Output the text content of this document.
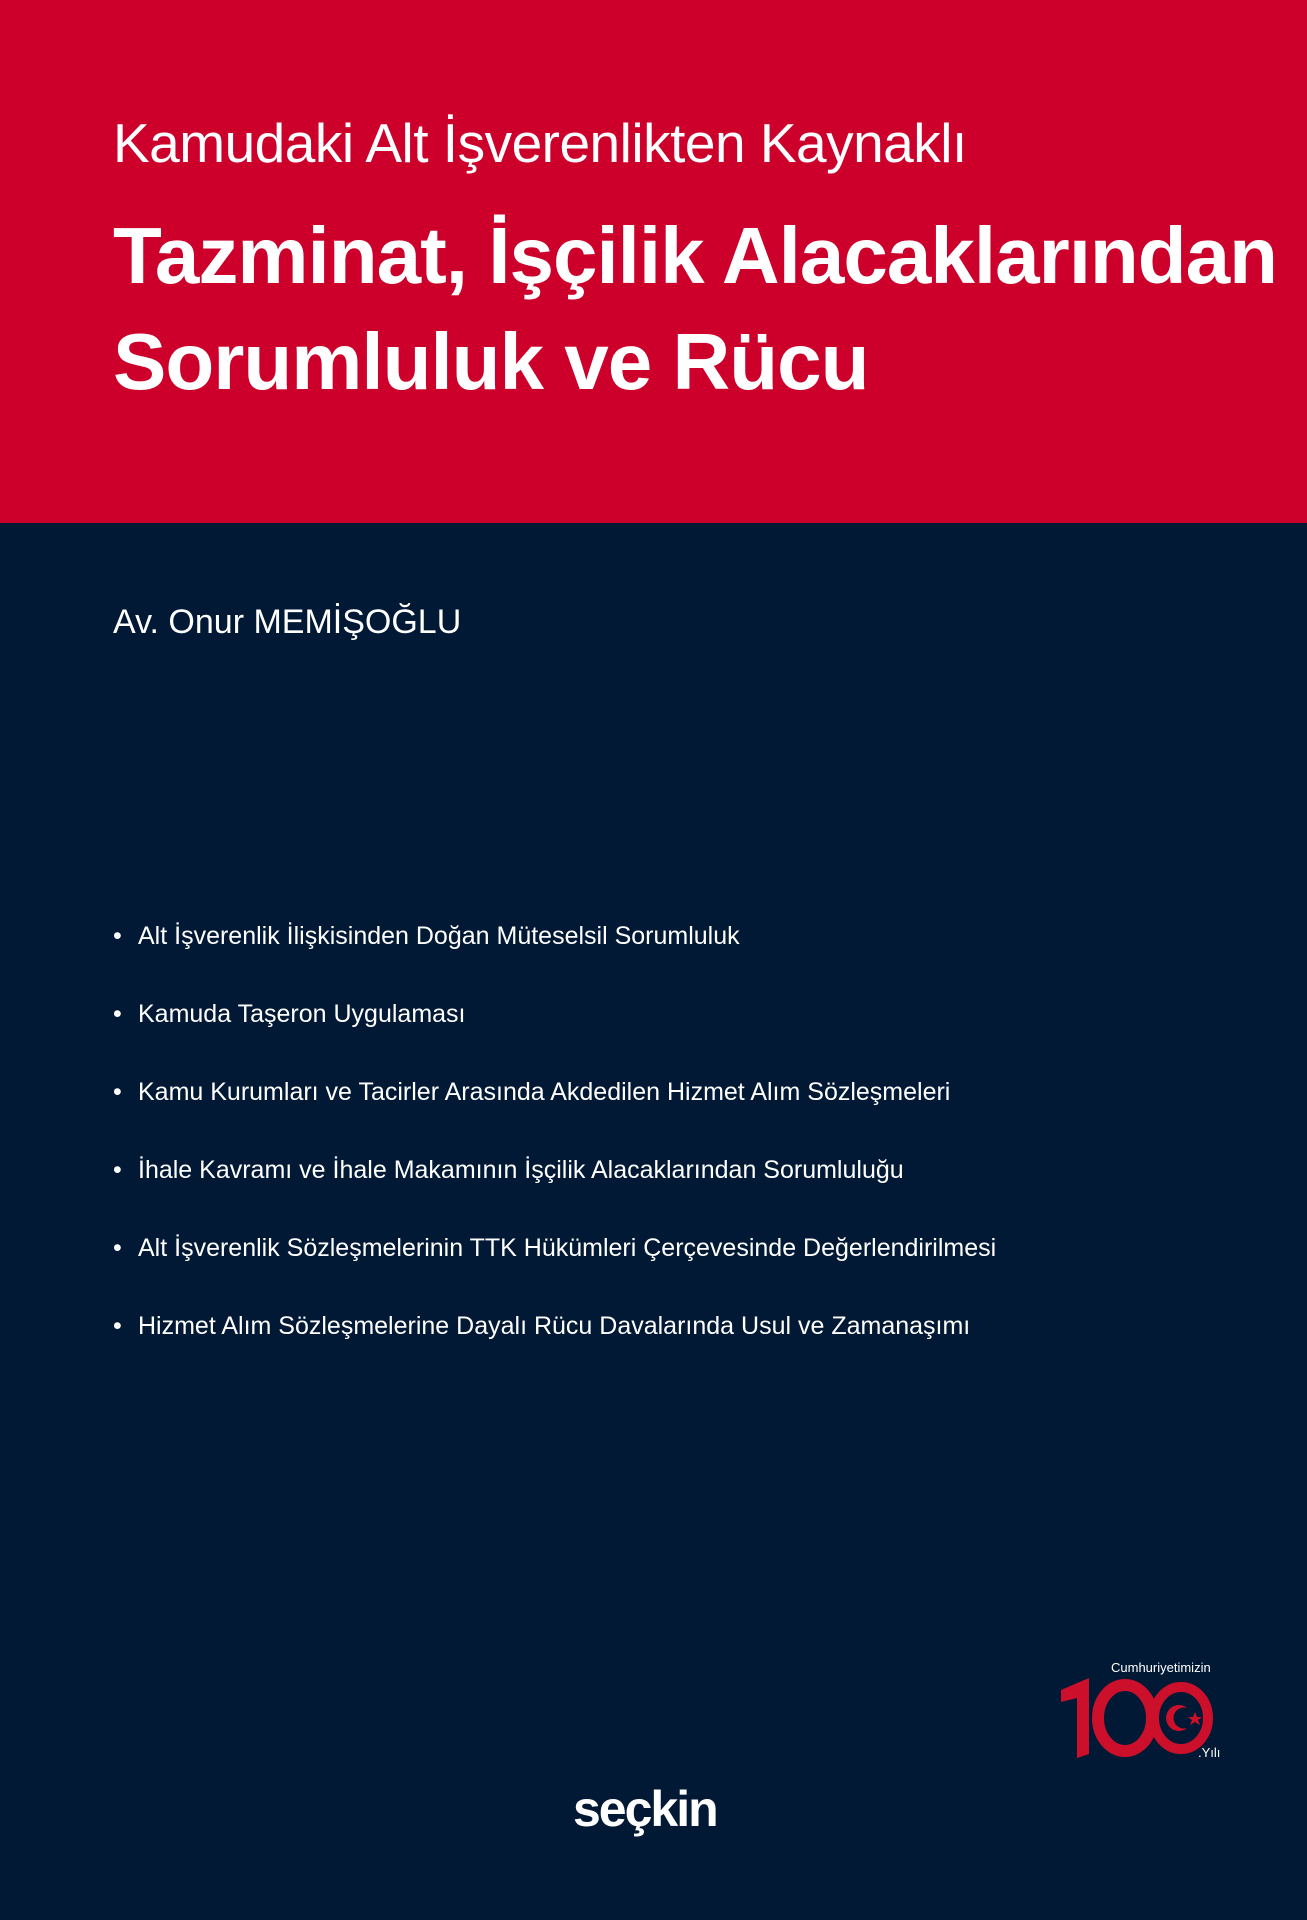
Kamudaki Alt İşverenlikten Kaynaklı
Tazminat, İşçilik Alacaklarından
Sorumluluk ve Rücu
Av. Onur MEMİŞOĞLU
• Alt İşverenlik İlişkisinden Doğan Müteselsil Sorumluluk
• Kamuda Taşeron Uygulaması
• Kamu Kurumları ve Tacirler Arasında Akdedilen Hizmet Alım Sözleşmeleri
• İhale Kavramı ve İhale Makamının İşçilik Alacaklarından Sorumluluğu
• Alt İşverenlik Sözleşmelerinin TTK Hükümleri Çerçevesinde Değerlendirilmesi
• Hizmet Alım Sözleşmelerine Dayalı Rücu Davalarında Usul ve Zamanaşımı
Cumhuriyetimizin
.Yılı
seçkin
